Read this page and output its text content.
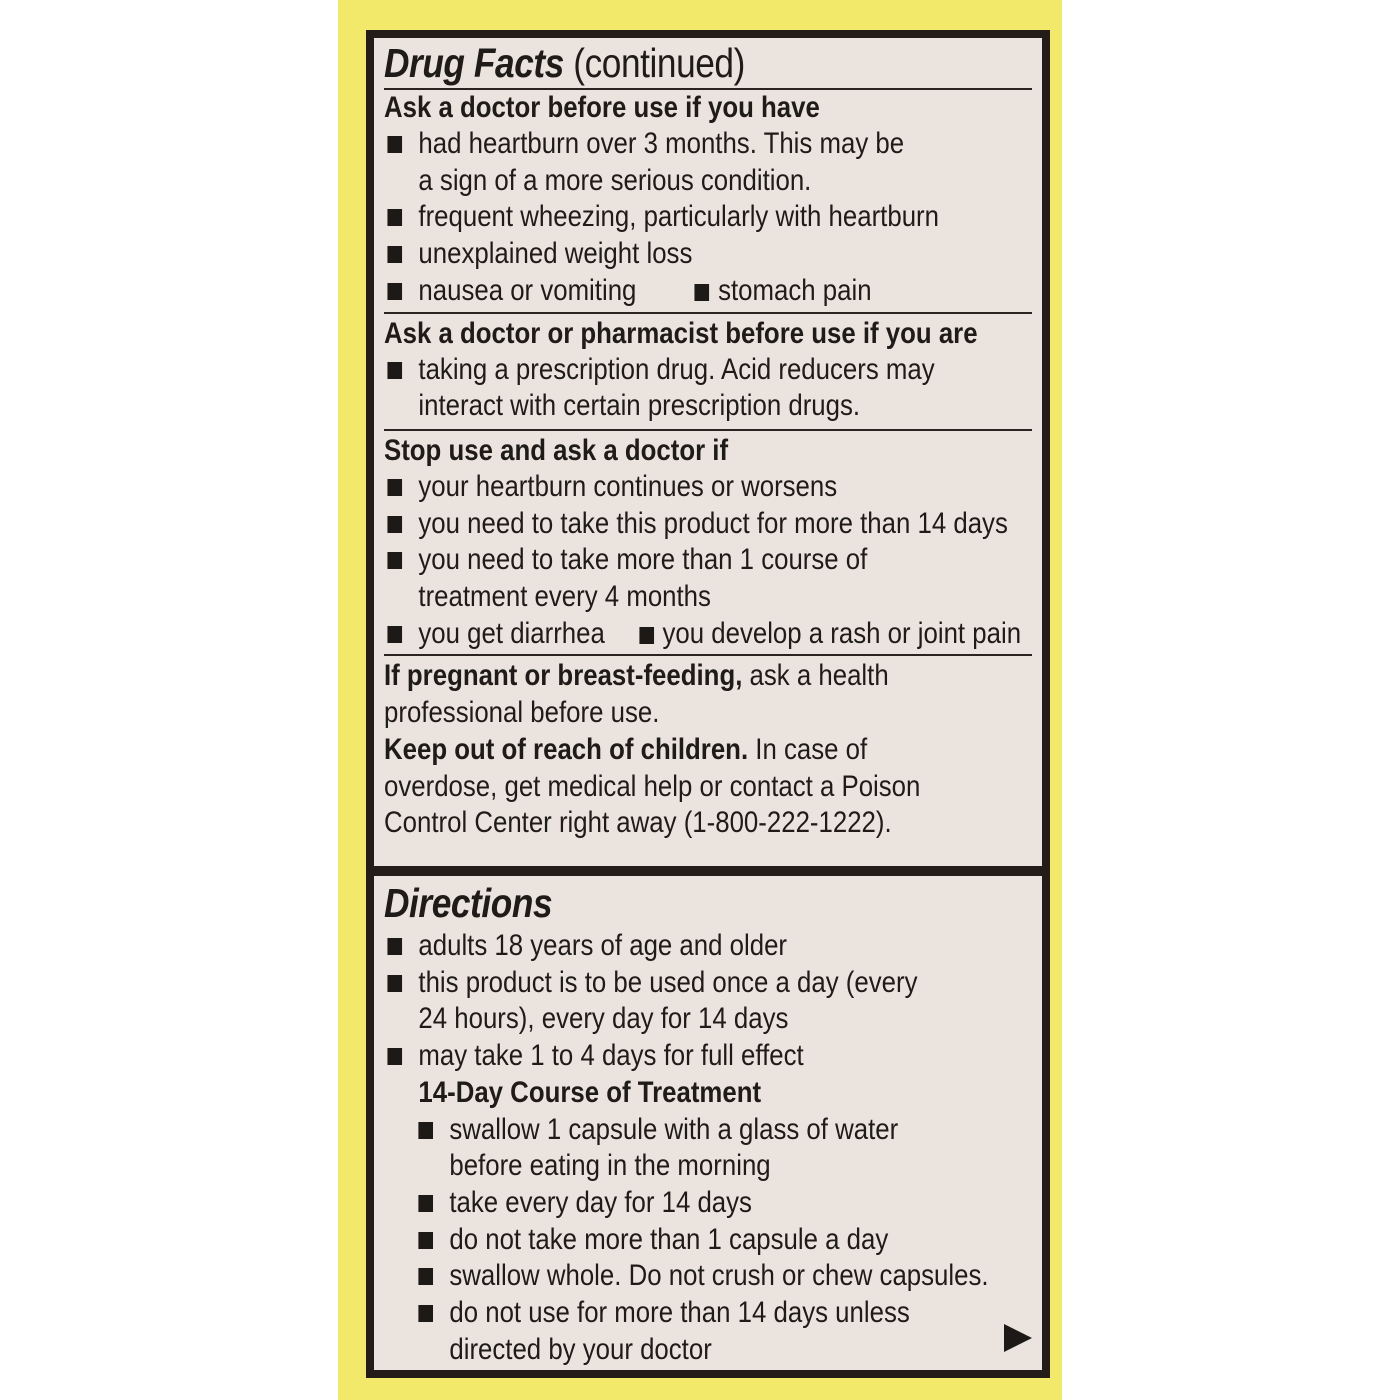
Drug Facts (continued)
Ask a doctor before use if you have
had heartburn over 3 months. This may be
a sign of a more serious condition.
frequent wheezing, particularly with heartburn
unexplained weight loss
nausea or vomiting	stomach pain
Ask a doctor or pharmacist before use if you are
taking a prescription drug. Acid reducers may
interact with certain prescription drugs.
Stop use and ask a doctor if
your heartburn continues or worsens
you need to take this product for more than 14 days
you need to take more than 1 course of
treatment every 4 months
you get diarrhea you develop a rash or joint pain
If pregnant or breast-feeding, ask a health
professional before use.
Keep out of reach of children. In case of
overdose, get medical help or contact a Poison
Control Center right away (1-800-222-1222).
Directions
adults 18 years of age and older
this product is to be used once a day (every
24 hours), every day for 14 days
may take 1 to 4 days for full effect
14-Day Course of Treatment
swallow 1 capsule with a glass of water
before eating in the morning
take every day for 14 days
do not take more than 1 capsule a day
swallow whole. Do not crush or chew capsules.
do not use for more than 14 days unless
directed by your doctor
